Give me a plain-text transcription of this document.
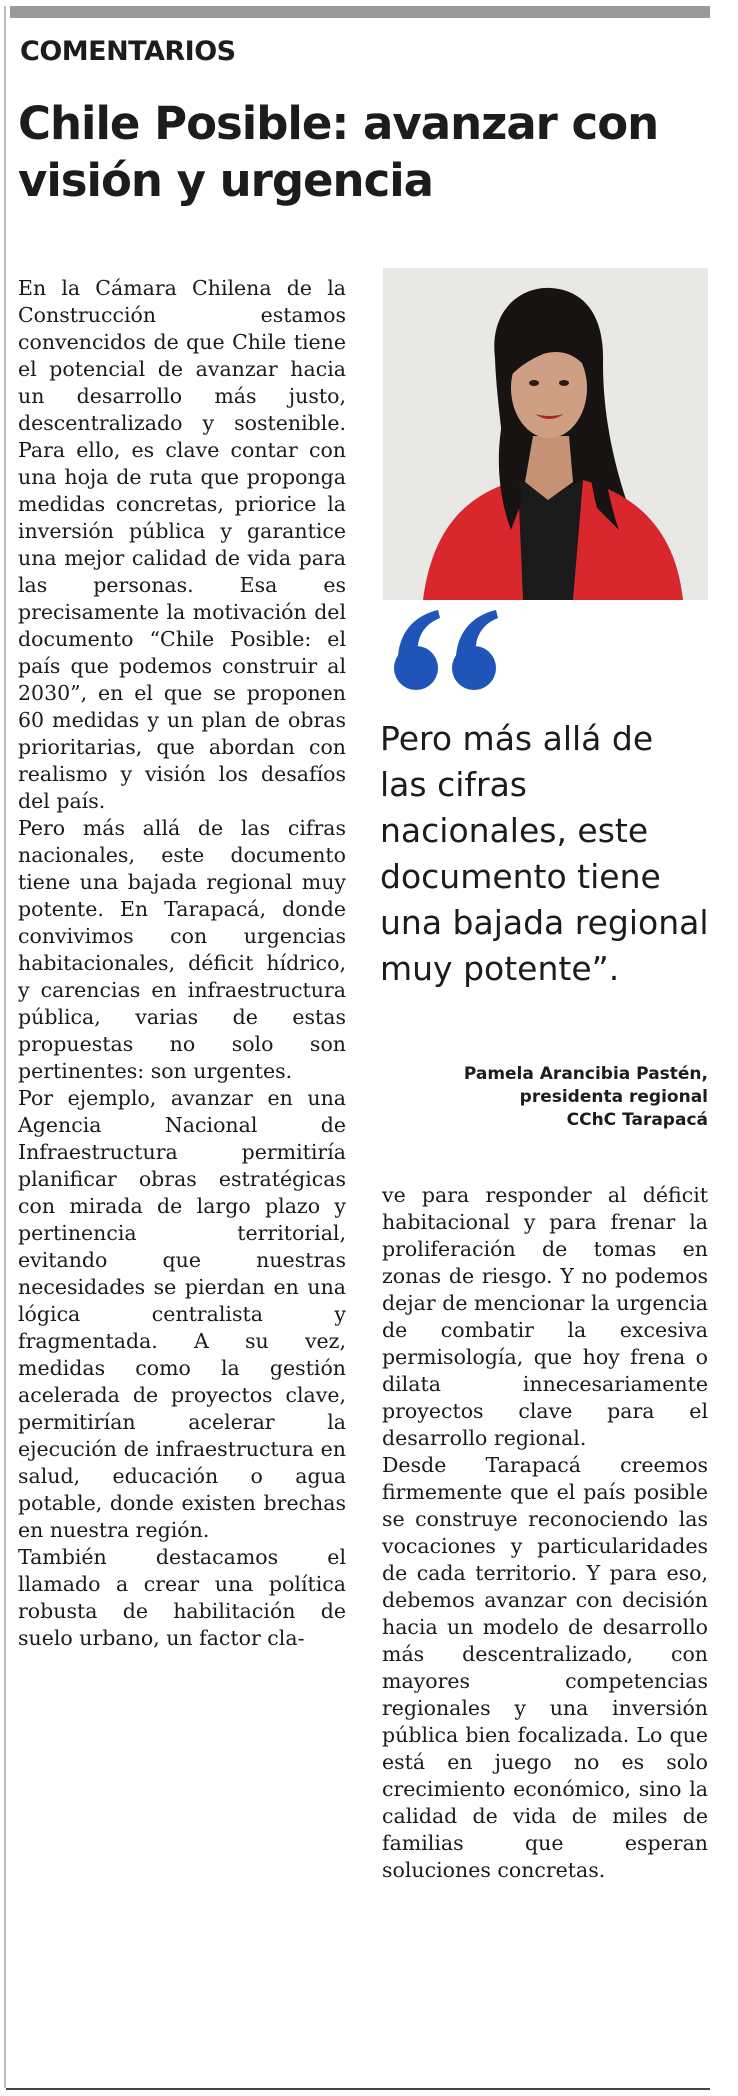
COMENTARIOS
Chile Posible: avanzar con visión y urgencia

En la Cámara Chilena de la Construcción estamos convencidos de que Chile tiene el potencial de avanzar hacia un desarrollo más justo, descentralizado y sostenible. Para ello, es clave contar con una hoja de ruta que proponga medidas concretas, priorice la inversión pública y garantice una mejor calidad de vida para las personas. Esa es precisamente la motivación del documento “Chile Posible: el país que podemos construir al 2030”, en el que se proponen 60 medidas y un plan de obras prioritarias, que abordan con realismo y visión los desafíos del país.

Pero más allá de las cifras nacionales, este documento tiene una bajada regional muy potente. En Tarapacá, donde convivimos con urgencias habitacionales, déficit hídrico, y carencias en infraestructura pública, varias de estas propuestas no solo son pertinentes: son urgentes.

Por ejemplo, avanzar en una Agencia Nacional de Infraestructura permitiría planificar obras estratégicas con mirada de largo plazo y pertinencia territorial, evitando que nuestras necesidades se pierdan en una lógica centralista y fragmentada. A su vez, medidas como la gestión acelerada de proyectos clave, permitirían acelerar la ejecución de infraestructura en salud, educación o agua potable, donde existen brechas en nuestra región.

También destacamos el llamado a crear una política robusta de habilitación de suelo urbano, un factor cla-

Pero más allá de las cifras nacionales, este documento tiene una bajada regional muy potente”.
Pamela Arancibia Pastén,
presidenta regional
CChC Tarapacá

ve para responder al déficit habitacional y para frenar la proliferación de tomas en zonas de riesgo. Y no podemos dejar de mencionar la urgencia de combatir la excesiva permisología, que hoy frena o dilata innecesariamente proyectos clave para el desarrollo regional.

Desde Tarapacá creemos firmemente que el país posible se construye reconociendo las vocaciones y particularidades de cada territorio. Y para eso, debemos avanzar con decisión hacia un modelo de desarrollo más descentralizado, con mayores competencias regionales y una inversión pública bien focalizada. Lo que está en juego no es solo crecimiento económico, sino la calidad de vida de miles de familias que esperan soluciones concretas.
